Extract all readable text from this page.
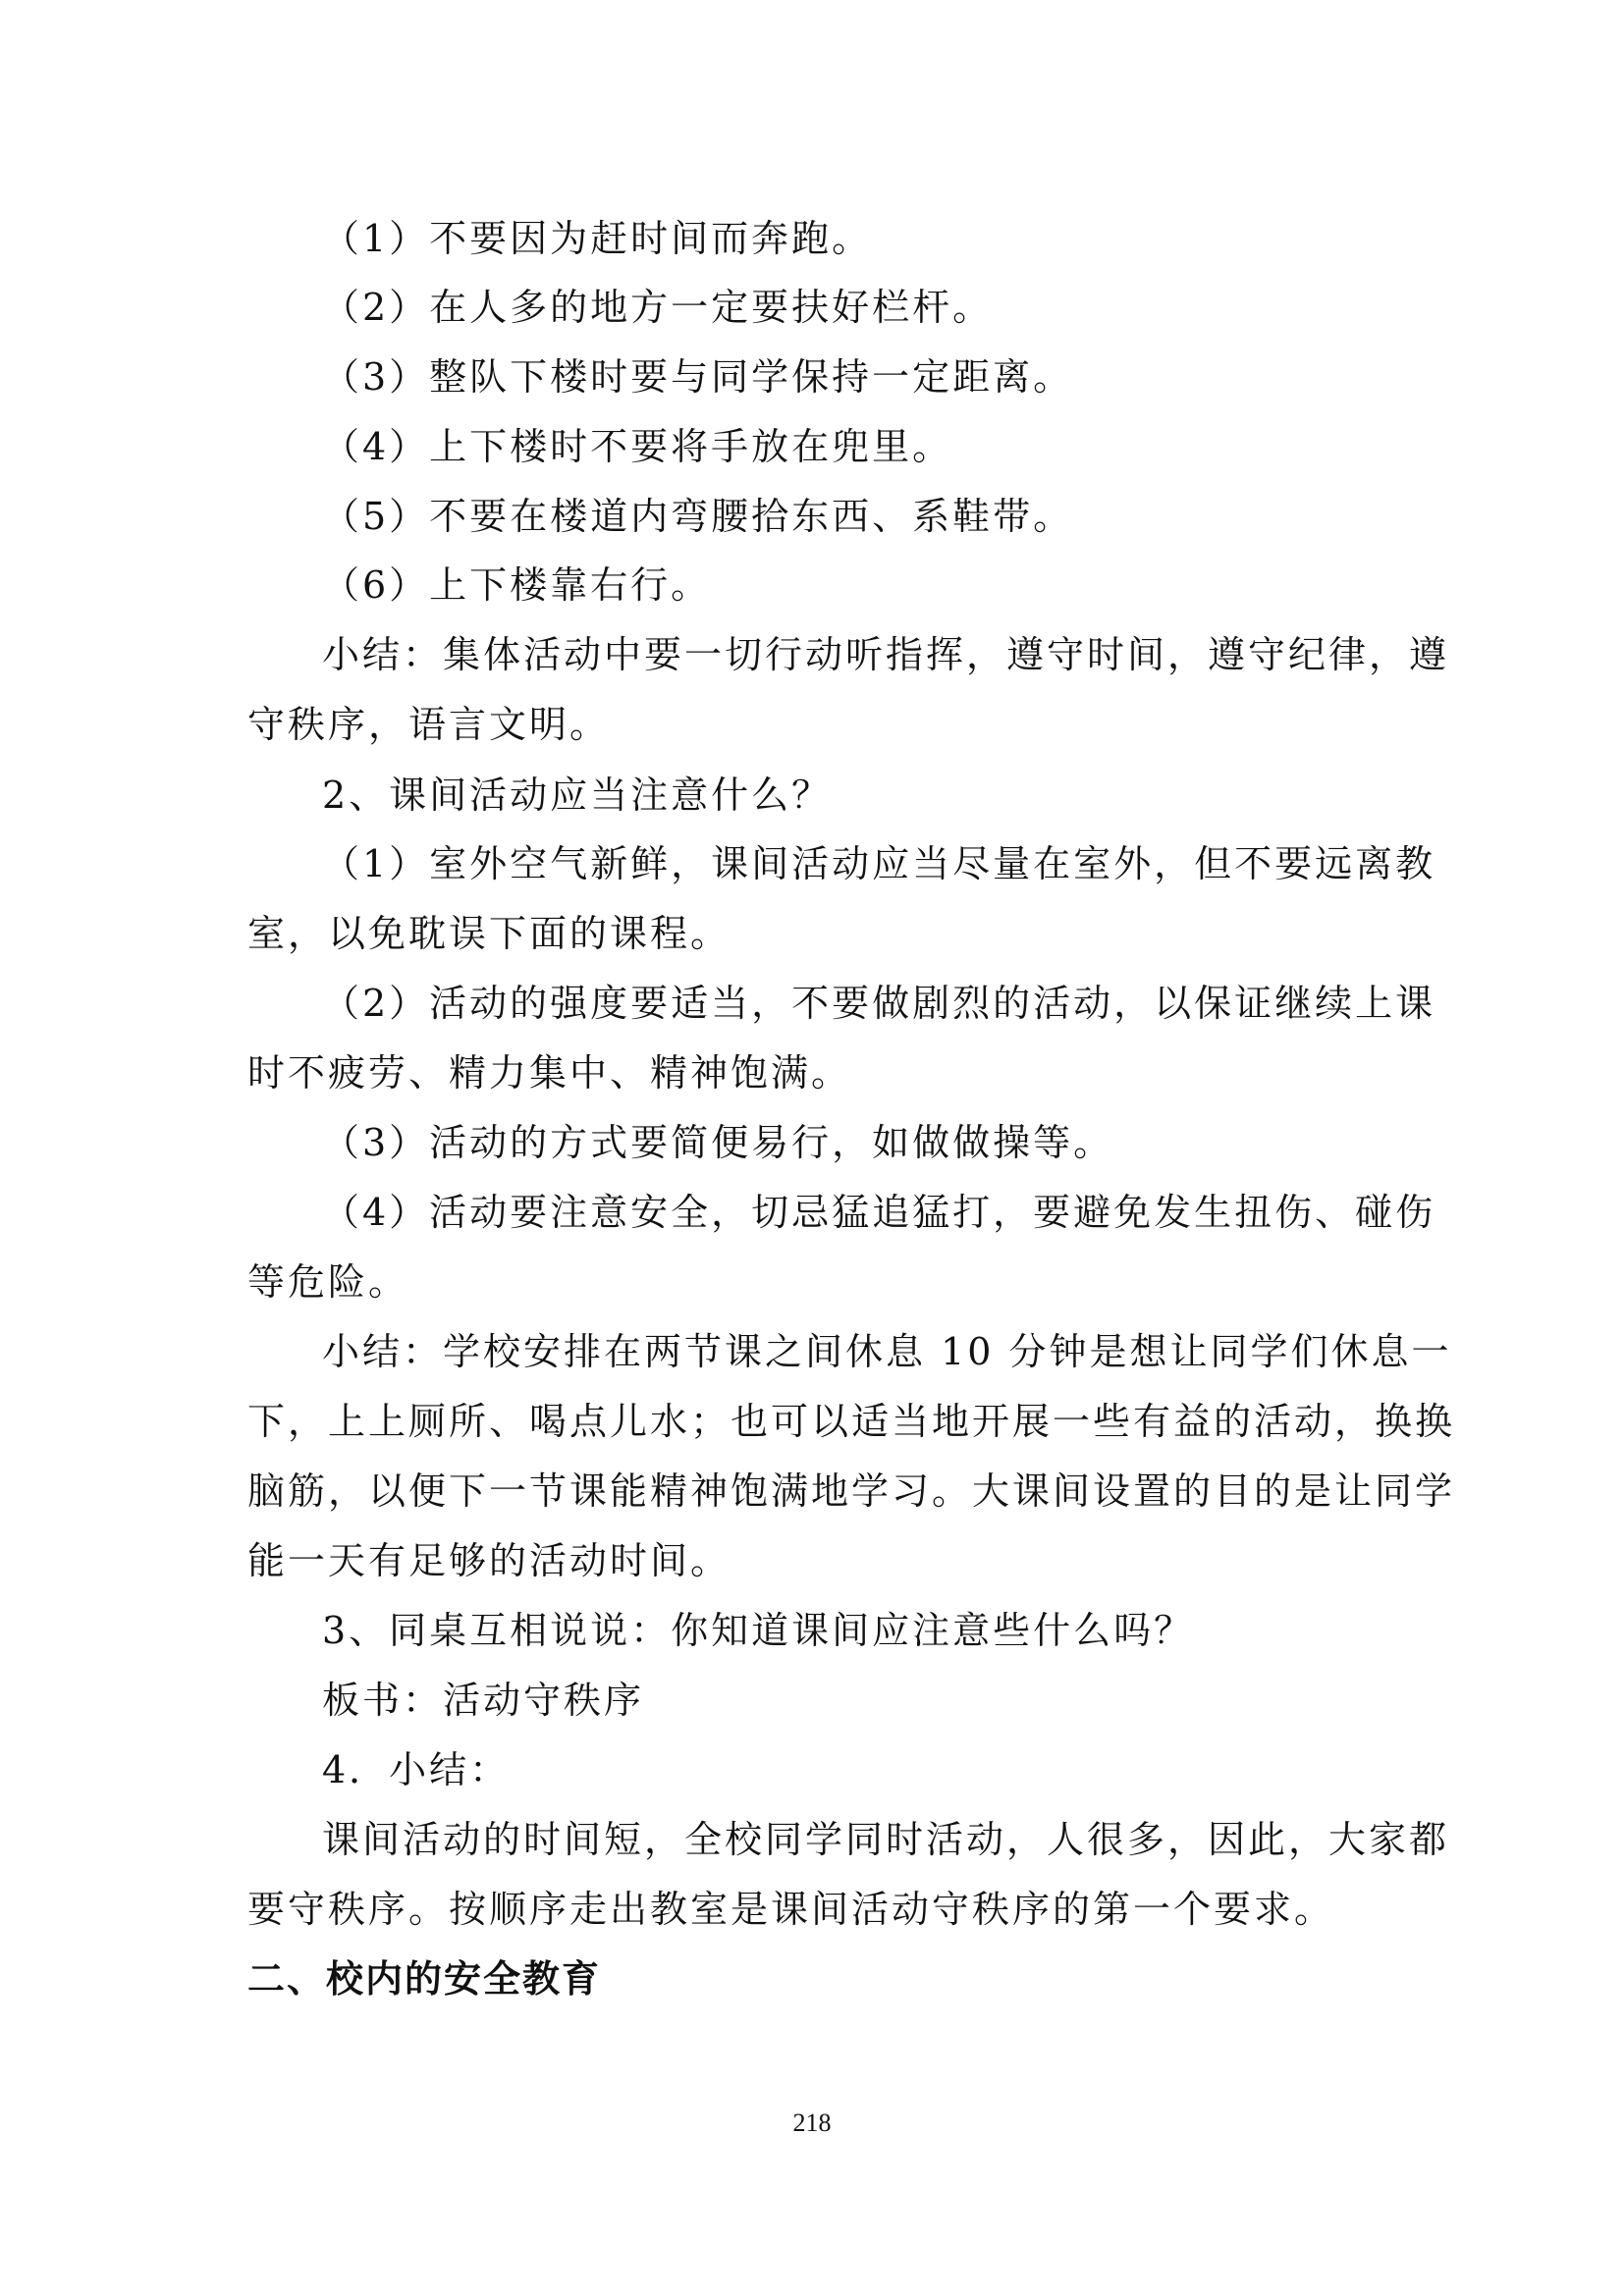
（1）不要因为赶时间而奔跑。
（2）在人多的地方一定要扶好栏杆。
（3）整队下楼时要与同学保持一定距离。
（4）上下楼时不要将手放在兜里。
（5）不要在楼道内弯腰拾东西、系鞋带。
（6）上下楼靠右行。
小结：集体活动中要一切行动听指挥，遵守时间，遵守纪律，遵
守秩序，语言文明。
2、课间活动应当注意什么？
（1）室外空气新鲜，课间活动应当尽量在室外，但不要远离教
室，以免耽误下面的课程。
（2）活动的强度要适当，不要做剧烈的活动，以保证继续上课
时不疲劳、精力集中、精神饱满。
（3）活动的方式要简便易行，如做做操等。
（4）活动要注意安全，切忌猛追猛打，要避免发生扭伤、碰伤
等危险。
小结：学校安排在两节课之间休息 10 分钟是想让同学们休息一
下，上上厕所、喝点儿水；也可以适当地开展一些有益的活动，换换
脑筋，以便下一节课能精神饱满地学习。大课间设置的目的是让同学
能一天有足够的活动时间。
3、同桌互相说说：你知道课间应注意些什么吗？
板书：活动守秩序
4．小结：
课间活动的时间短，全校同学同时活动，人很多，因此，大家都
要守秩序。按顺序走出教室是课间活动守秩序的第一个要求。
二、校内的安全教育
218
